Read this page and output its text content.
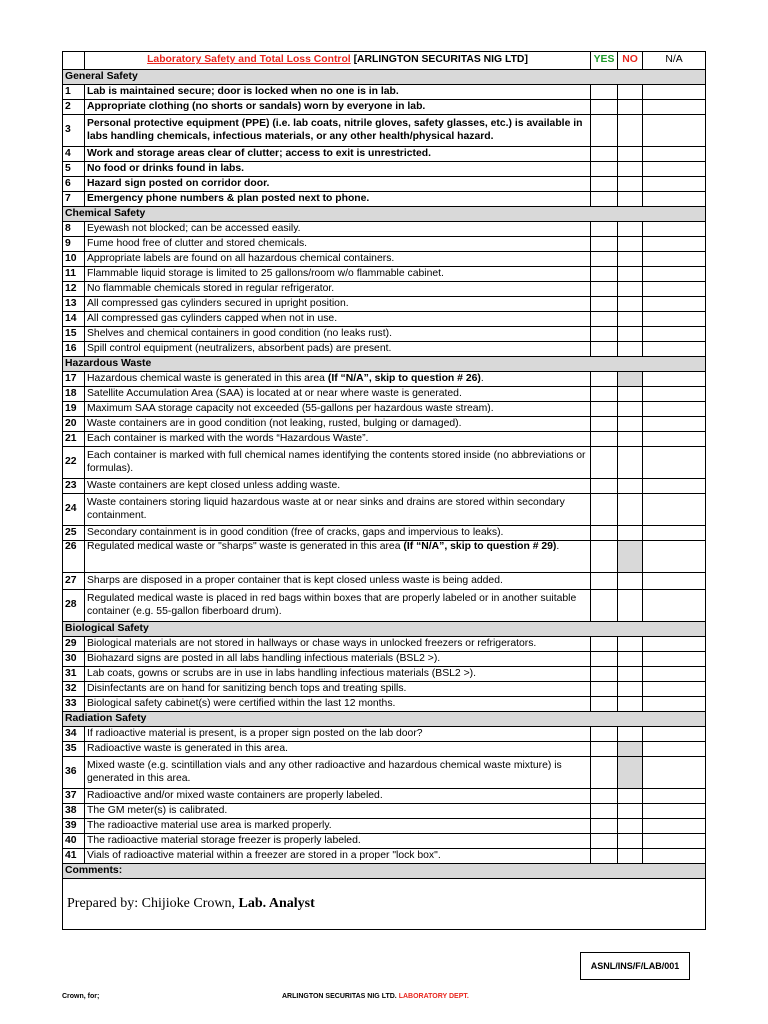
	Laboratory Safety and Total Loss Control [ARLINGTON SECURITAS NIG LTD]	YES	NO	N/A
General Safety				
1	Lab is maintained secure; door is locked when no one is in lab.			
2	Appropriate clothing (no shorts or sandals) worn by everyone in lab.			
3	Personal protective equipment (PPE) (i.e. lab coats, nitrile gloves, safety glasses, etc.) is available in labs handling chemicals, infectious materials, or any other health/physical hazard.			
4	Work and storage areas clear of clutter; access to exit is unrestricted.			
5	No food or drinks found in labs.			
6	Hazard sign posted on corridor door.			
7	Emergency phone numbers & plan posted next to phone.			
Chemical Safety				
8	Eyewash not blocked; can be accessed easily.			
9	Fume hood free of clutter and stored chemicals.			
10	Appropriate labels are found on all hazardous chemical containers.			
11	Flammable liquid storage is limited to 25 gallons/room w/o flammable cabinet.			
12	No flammable chemicals stored in regular refrigerator.			
13	All compressed gas cylinders secured in upright position.			
14	All compressed gas cylinders capped when not in use.			
15	Shelves and chemical containers in good condition (no leaks rust).			
16	Spill control equipment (neutralizers, absorbent pads) are present.			
Hazardous Waste				
17	Hazardous chemical waste is generated in this area (If “N/A”, skip to question # 26).			
18	Satellite Accumulation Area (SAA) is located at or near where waste is generated.			
19	Maximum SAA storage capacity not exceeded (55-gallons per hazardous waste stream).			
20	Waste containers are in good condition (not leaking, rusted, bulging or damaged).			
21	Each container is marked with the words “Hazardous Waste”.			
22	Each container is marked with full chemical names identifying the contents stored inside (no abbreviations or formulas).			
23	Waste containers are kept closed unless adding waste.			
24	Waste containers storing liquid hazardous waste at or near sinks and drains are stored within secondary containment.			
25	Secondary containment is in good condition (free of cracks, gaps and impervious to leaks).			
26	Regulated medical waste or "sharps" waste is generated in this area (If “N/A”, skip to question # 29).			
27	Sharps are disposed in a proper container that is kept closed unless waste is being added.			
28	Regulated medical waste is placed in red bags within boxes that are properly labeled or in another suitable container (e.g. 55-gallon fiberboard drum).			
Biological Safety				
29	Biological materials are not stored in hallways or chase ways in unlocked freezers or refrigerators.			
30	Biohazard signs are posted in all labs handling infectious materials (BSL2 >).			
31	Lab coats, gowns or scrubs are in use in labs handling infectious materials (BSL2 >).			
32	Disinfectants are on hand for sanitizing bench tops and treating spills.			
33	Biological safety cabinet(s) were certified within the last 12 months.			
Radiation Safety				
34	If radioactive material is present, is a proper sign posted on the lab door?			
35	Radioactive waste is generated in this area.			
36	Mixed waste (e.g. scintillation vials and any other radioactive and hazardous chemical waste mixture) is generated in this area.			
37	Radioactive and/or mixed waste containers are properly labeled.			
38	The GM meter(s) is calibrated.			
39	The radioactive material use area is marked properly.			
40	The radioactive material storage freezer is properly labeled.			
41	Vials of radioactive material within a freezer are stored in a proper "lock box".			
Comments:				
Prepared by: Chijioke Crown, Lab. Analyst				
ASNL/INS/F/LAB/001
Crown, for;	ARLINGTON SECURITAS NIG LTD. LABORATORY DEPT.
